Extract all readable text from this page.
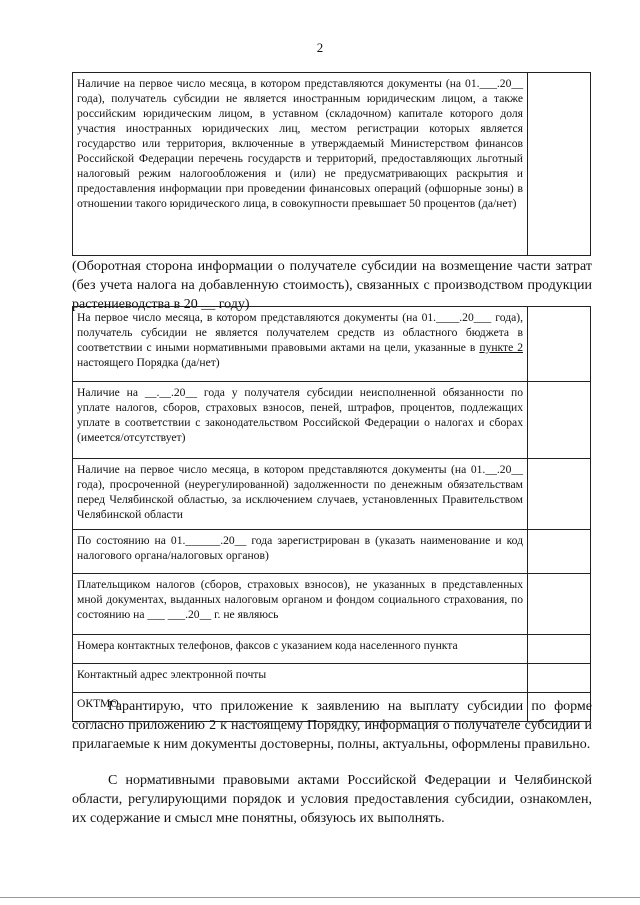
2
Наличие на первое число месяца, в котором представляются документы (на 01.___.20__ года), получатель субсидии не является иностранным юридическим лицом, а также российским юридическим лицом, в уставном (складочном) капитале которого доля участия иностранных юридических лиц, местом регистрации которых является государство или территория, включенные в утверждаемый Министерством финансов Российской Федерации перечень государств и территорий, предоставляющих льготный налоговый режим налогообложения и (или) не предусматривающих раскрытия и предоставления информации при проведении финансовых операций (офшорные зоны) в отношении такого юридического лица, в совокупности превышает 50 процентов (да/нет)	
(Оборотная сторона информации о получателе субсидии на возмещение части затрат (без учета налога на добавленную стоимость), связанных с производством продукции растениеводства в 20 __ году)
На первое число месяца, в котором представляются документы (на 01.____.20___ года), получатель субсидии не является получателем средств из областного бюджета в соответствии с иными нормативными правовыми актами на цели, указанные в пункте 2 настоящего Порядка (да/нет)	
Наличие на __.__.20__ года у получателя субсидии неисполненной обязанности по уплате налогов, сборов, страховых взносов, пеней, штрафов, процентов, подлежащих уплате в соответствии с законодательством Российской Федерации о налогах и сборах (имеется/отсутствует)	
Наличие на первое число месяца, в котором представляются документы (на 01.__.20__ года), просроченной (неурегулированной) задолженности по денежным обязательствам перед Челябинской областью, за исключением случаев, установленных Правительством Челябинской области	
По состоянию на 01.______.20__ года зарегистрирован в (указать наименование и код налогового органа/налоговых органов)	
Плательщиком налогов (сборов, страховых взносов), не указанных в представленных мной документах, выданных налоговым органом и фондом социального страхования, по состоянию на ___ ___.20__ г. не являюсь	
Номера контактных телефонов, факсов с указанием кода населенного пункта	
Контактный адрес электронной почты	
ОКТМО	
Гарантирую, что приложение к заявлению на выплату субсидии по форме согласно приложению 2 к настоящему Порядку, информация о получателе субсидии и прилагаемые к ним документы достоверны, полны, актуальны, оформлены правильно.
С нормативными правовыми актами Российской Федерации и Челябинской области, регулирующими порядок и условия предоставления субсидии, ознакомлен, их содержание и смысл мне понятны, обязуюсь их выполнять.
